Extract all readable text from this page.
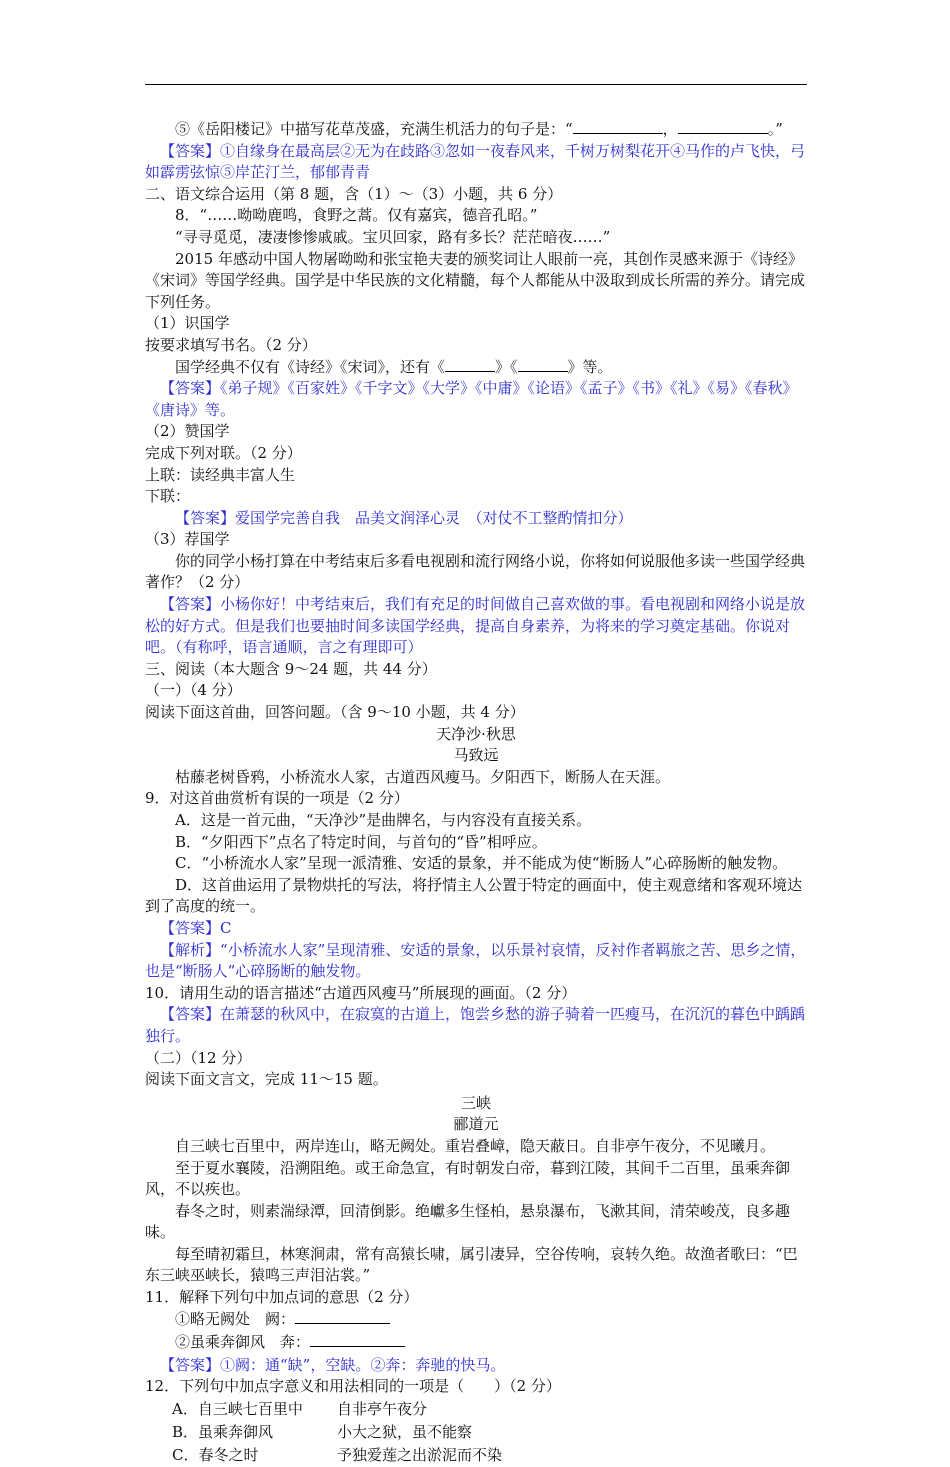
⑤《岳阳楼记》中描写花草茂盛，充满生机活力的句子是：“	，	。”

【答案】①自缘身在最高层②无为在歧路③忽如一夜春风来，千树万树梨花开④马作的卢飞快，弓如霹雳弦惊⑤岸芷汀兰，郁郁青青

二、语文综合运用（第 8 题，含（1）～（3）小题，共 6 分）

8．“……呦呦鹿鸣，食野之蒿。仅有嘉宾，德音孔昭。”

“寻寻觅觅，凄凄惨惨戚戚。宝贝回家，路有多长？茫茫暗夜……”

2015 年感动中国人物屠呦呦和张宝艳夫妻的颁奖词让人眼前一亮，其创作灵感来源于《诗经》《宋词》等国学经典。国学是中华民族的文化精髓，每个人都能从中汲取到成长所需的养分。请完成下列任务。

（1）识国学

按要求填写书名。（2 分）

国学经典不仅有《诗经》《宋词》，还有《	》《	》等。

【答案】《弟子规》《百家姓》《千字文》《大学》《中庸》《论语》《孟子》《书》《礼》《易》《春秋》《唐诗》等。

（2）赞国学

完成下列对联。（2 分）

上联：读经典丰富人生

下联：

【答案】爱国学完善自我　品美文润泽心灵　（对仗不工整酌情扣分）

（3）荐国学

你的同学小杨打算在中考结束后多看电视剧和流行网络小说，你将如何说服他多读一些国学经典著作？（2 分）

【答案】小杨你好！中考结束后，我们有充足的时间做自己喜欢做的事。看电视剧和网络小说是放松的好方式。但是我们也要抽时间多读国学经典，提高自身素养，为将来的学习奠定基础。你说对吧。（有称呼，语言通顺，言之有理即可）

三、阅读（本大题含 9～24 题，共 44 分）

（一）（4 分）

阅读下面这首曲，回答问题。（含 9～10 小题，共 4 分）

天净沙·秋思

马致远

枯藤老树昏鸦，小桥流水人家，古道西风瘦马。夕阳西下，断肠人在天涯。

9．对这首曲赏析有误的一项是（2 分）

A．这是一首元曲，“天净沙”是曲牌名，与内容没有直接关系。

B．“夕阳西下”点名了特定时间，与首句的“昏”相呼应。

C．“小桥流水人家”呈现一派清雅、安适的景象，并不能成为使“断肠人”心碎肠断的触发物。

D．这首曲运用了景物烘托的写法，将抒情主人公置于特定的画面中，使主观意绪和客观环境达到了高度的统一。

【答案】C

【解析】“小桥流水人家”呈现清雅、安适的景象，以乐景衬哀情，反衬作者羁旅之苦、思乡之情，也是“断肠人”心碎肠断的触发物。

10．请用生动的语言描述“古道西风瘦马”所展现的画面。（2 分）

【答案】在萧瑟的秋风中，在寂寞的古道上，饱尝乡愁的游子骑着一匹瘦马，在沉沉的暮色中踽踽独行。

（二）（12 分）

阅读下面文言文，完成 11～15 题。

三峡

郦道元

自三峡七百里中，两岸连山，略无阙处。重岩叠嶂，隐天蔽日。自非亭午夜分，不见曦月。

至于夏水襄陵，沿溯阻绝。或王命急宣，有时朝发白帝，暮到江陵，其间千二百里，虽乘奔御风，不以疾也。

春冬之时，则素湍绿潭，回清倒影。绝巘多生怪柏，悬泉瀑布，飞漱其间，清荣峻茂，良多趣味。

每至晴初霜旦，林寒涧肃，常有高猿长啸，属引凄异，空谷传响，哀转久绝。故渔者歌曰：“巴东三峡巫峡长，猿鸣三声泪沾裳。”

11．解释下列句中加点词的意思（2 分）

①略无阙处　阙：

②虽乘奔御风　奔：

【答案】①阙：通“缺”，空缺。②奔：奔驰的快马。

12．下列句中加点字意义和用法相同的一项是（　　）（2 分）

A．自三峡七百里中	自非亭午夜分
B．虽乘奔御风	小大之狱，虽不能察
C．春冬之时	予独爱莲之出淤泥而不染
